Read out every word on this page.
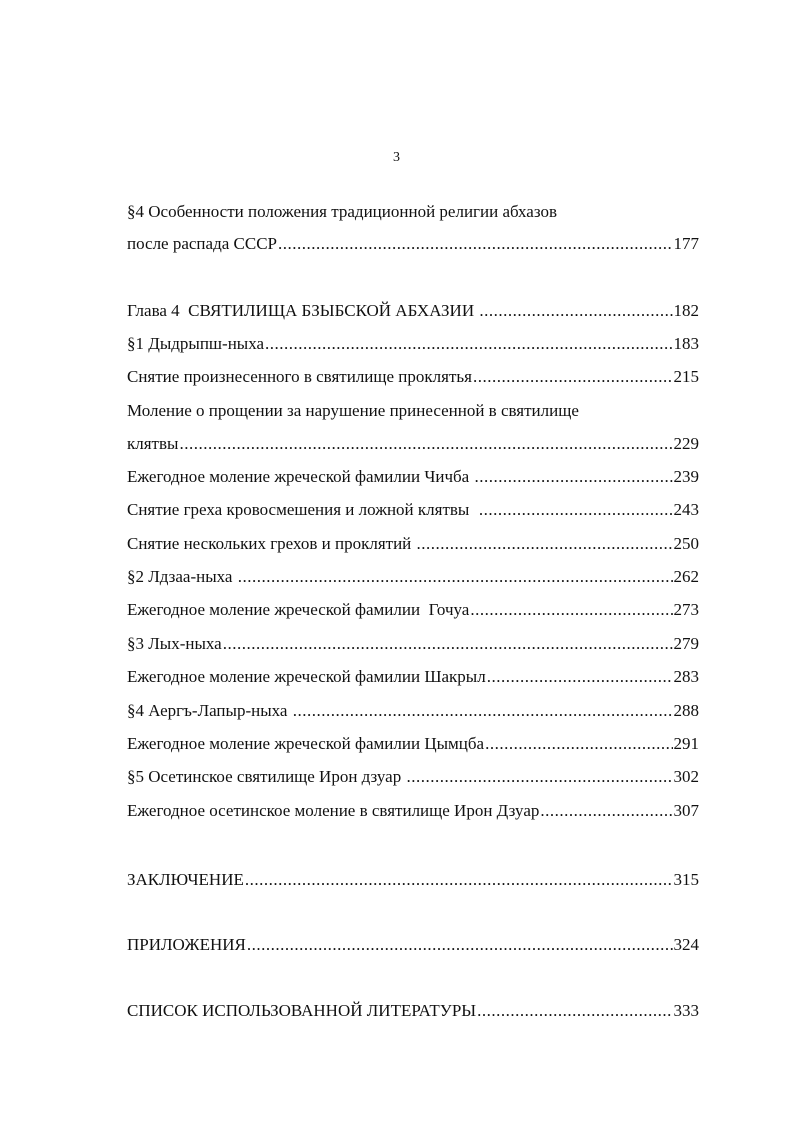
3
§4 Особенности положения традиционной религии абхазов
после распада СССР .....	177
Глава 4  СВЯТИЛИЩА БЗЫБСКОЙ АБХАЗИИ .....	182
§1 Дыдрыпш-ныха .....	183
Снятие произнесенного в святилище проклятья .....	215
Моление о прощении за нарушение принесенной в святилище
клятвы .....	229
Ежегодное моление жреческой фамилии Чичба .....	239
Снятие греха кровосмешения и ложной клятвы .....	243
Снятие нескольких грехов и проклятий .....	250
§2 Лдзаа-ныха .....	262
Ежегодное моление жреческой фамилии  Гочуа .....	273
§3 Лых-ныха .....	279
Ежегодное моление жреческой фамилии Шакрыл .....	283
§4 Аергъ-Лапыр-ныха .....	288
Ежегодное моление жреческой фамилии Цымцба .....	291
§5 Осетинское святилище Ирон дзуар .....	302
Ежегодное осетинское моление в святилище Ирон Дзуар .....	307
ЗАКЛЮЧЕНИЕ .....	315
ПРИЛОЖЕНИЯ .....	324
СПИСОК ИСПОЛЬЗОВАННОЙ ЛИТЕРАТУРЫ .....	333
